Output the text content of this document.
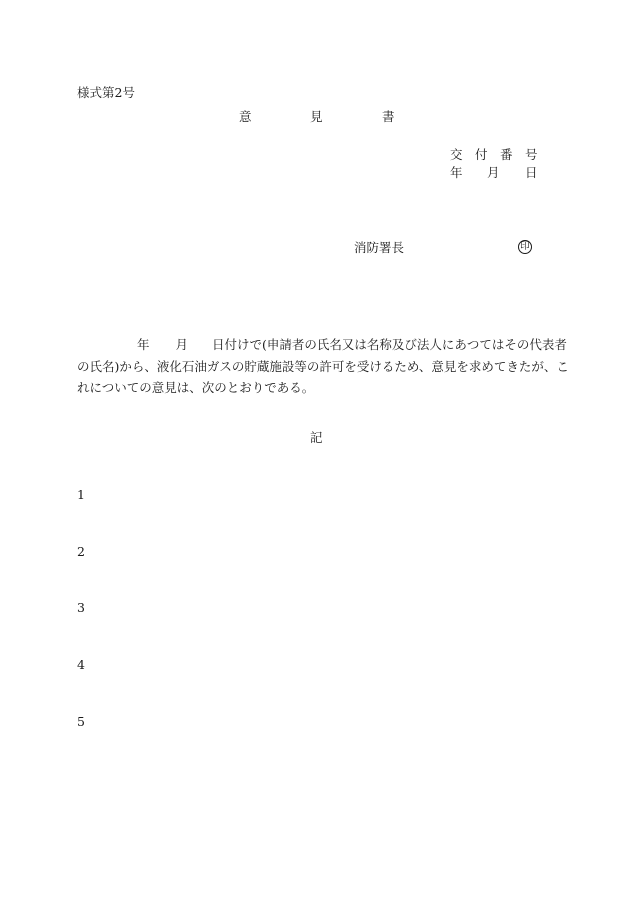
様式第2号
意	見	書
交 付 番 号
年 月 日
消防署長	印
年 月 日付けで(申請者の氏名又は名称及び法人にあつてはその代表者
の氏名)から、液化石油ガスの貯蔵施設等の許可を受けるため、意見を求めてきたが、こ
れについての意見は、次のとおりである。
記
1
2
3
4
5
